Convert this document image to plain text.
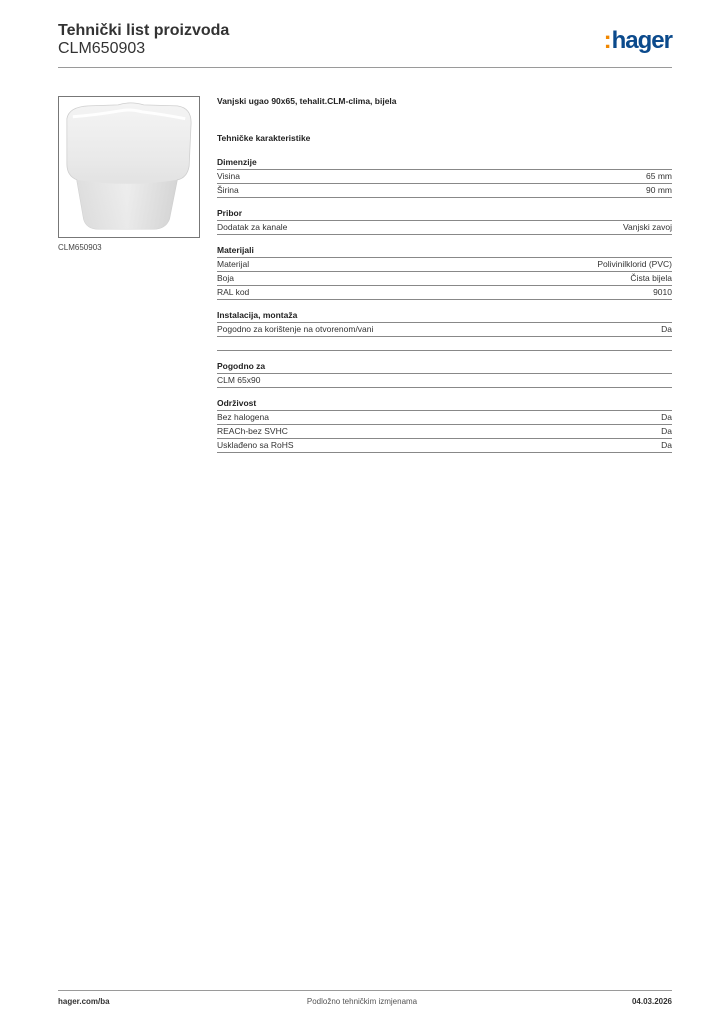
Tehnički list proizvoda
CLM650903	:hager
CLM650903
Vanjski ugao 90x65, tehalit.CLM-clima, bijela
Tehničke karakteristike
Dimenzije
Visina	65 mm
Širina	90 mm
Pribor
Dodatak za kanale	Vanjski zavoj
Materijali
Materijal	Polivinilklorid (PVC)
Boja	Čista bijela
RAL kod	9010
Instalacija, montaža
Pogodno za korištenje na otvorenom/vani	Da
Pogodno za
CLM 65x90
Održivost
Bez halogena	Da
REACh-bez SVHC	Da
Usklađeno sa RoHS	Da
hager.com/ba	Podložno tehničkim izmjenama	04.03.2026
